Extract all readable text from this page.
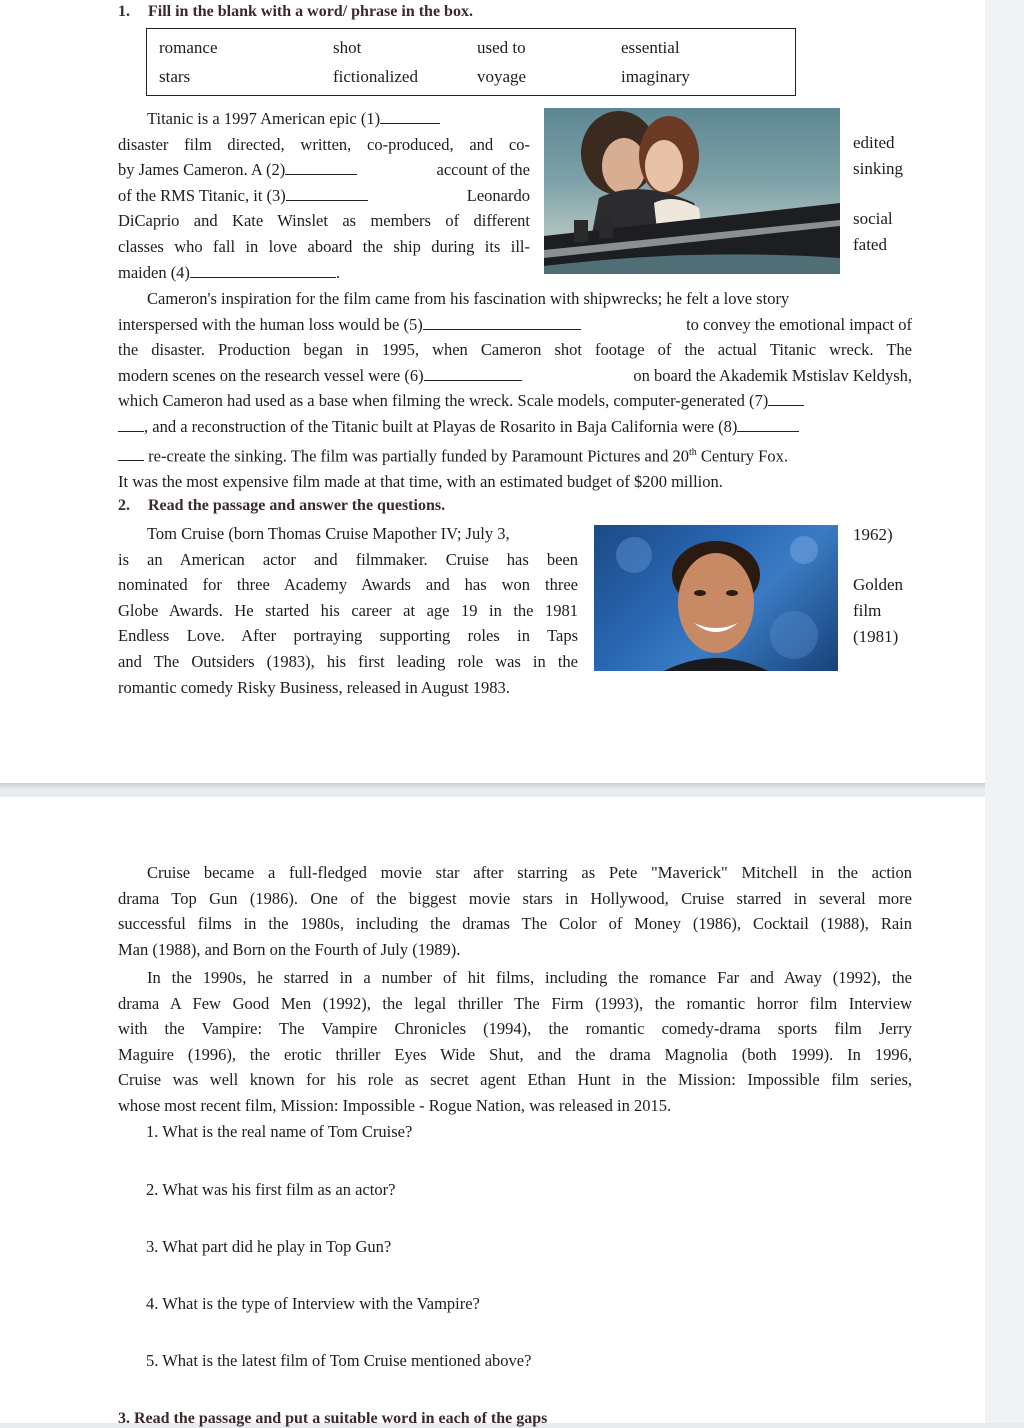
1. Fill in the blank with a word/ phrase in the box.
romance	shot	used to	essential
stars	fictionalized	voyage	imaginary
Titanic is a 1997 American epic (1)
disaster film directed, written, co-produced, and co-
by James Cameron. A (2)	account of the
of the RMS Titanic, it (3)	Leonardo
DiCaprio and Kate Winslet as members of different
classes who fall in love aboard the ship during its ill-
maiden (4)	.
edited
sinking
social
fated
Cameron's inspiration for the film came from his fascination with shipwrecks; he felt a love story
interspersed with the human loss would be (5)	to convey the emotional impact of
the disaster. Production began in 1995, when Cameron shot footage of the actual Titanic wreck. The
modern scenes on the research vessel were (6)	on board the Akademik Mstislav Keldysh,
which Cameron had used as a base when filming the wreck. Scale models, computer-generated (7)
, and a reconstruction of the Titanic built at Playas de Rosarito in Baja California were (8)
re-create the sinking. The film was partially funded by Paramount Pictures and 20th Century Fox.
It was the most expensive film made at that time, with an estimated budget of $200 million.
2. Read the passage and answer the questions.
Tom Cruise (born Thomas Cruise Mapother IV; July 3,
is an American actor and filmmaker. Cruise has been
nominated for three Academy Awards and has won three
Globe Awards. He started his career at age 19 in the 1981
Endless Love. After portraying supporting roles in Taps
and The Outsiders (1983), his first leading role was in the
romantic comedy Risky Business, released in August 1983.
1962)
Golden
film
(1981)
Cruise became a full-fledged movie star after starring as Pete "Maverick" Mitchell in the action
drama Top Gun (1986). One of the biggest movie stars in Hollywood, Cruise starred in several more
successful films in the 1980s, including the dramas The Color of Money (1986), Cocktail (1988), Rain
Man (1988), and Born on the Fourth of July (1989).
In the 1990s, he starred in a number of hit films, including the romance Far and Away (1992), the
drama A Few Good Men (1992), the legal thriller The Firm (1993), the romantic horror film Interview
with the Vampire: The Vampire Chronicles (1994), the romantic comedy-drama sports film Jerry
Maguire (1996), the erotic thriller Eyes Wide Shut, and the drama Magnolia (both 1999). In 1996,
Cruise was well known for his role as secret agent Ethan Hunt in the Mission: Impossible film series,
whose most recent film, Mission: Impossible - Rogue Nation, was released in 2015.
1. What is the real name of Tom Cruise?
2. What was his first film as an actor?
3. What part did he play in Top Gun?
4. What is the type of Interview with the Vampire?
5. What is the latest film of Tom Cruise mentioned above?
3. Read the passage and put a suitable word in each of the gaps
